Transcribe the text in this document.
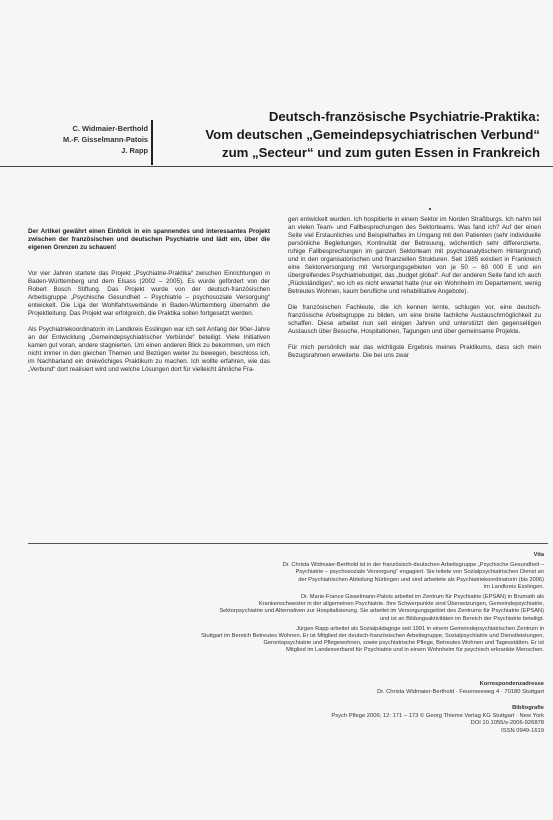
C. Widmaier-Berthold
M.-F. Gisselmann-Patois
J. Rapp
Deutsch-französische Psychiatrie-Praktika:
Vom deutschen „Gemeindepsychiatrischen Verbund“
zum „Secteur“ und zum guten Essen in Frankreich

Der Artikel gewährt einen Einblick in ein spannendes und interessantes Projekt zwischen der französischen und deutschen Psychiatrie und lädt ein, über die eigenen Grenzen zu schauen!

Vor vier Jahren startete das Projekt „Psychiatrie-Praktika“ zwischen Einrichtungen in Baden-Württemberg und dem Elsass (2002 – 2005). Es wurde gefördert von der Robert Bosch Stiftung. Das Projekt wurde von der deutsch-französischen Arbeitsgruppe „Psychische Gesundheit – Psychiatrie – psychosoziale Versorgung“ entwickelt. Die Liga der Wohlfahrtsverbände in Baden-Württemberg übernahm die Projektleitung. Das Projekt war erfolgreich, die Praktika sollen fortgesetzt werden.

Als Psychiatriekoordinatorin im Landkreis Esslingen war ich seit Anfang der 90er-Jahre an der Entwicklung „Gemeindepsychiatrischer Verbünde“ beteiligt. Viele Initiativen kamen gut voran, andere stagnierten. Um einen anderen Blick zu bekommen, um mich nicht immer in den gleichen Themen und Bezügen weiter zu bewegen, beschloss ich, im Nachbarland ein dreiwöchiges Praktikum zu machen. Ich wollte erfahren, wie das „Verbund“ dort realisiert wird und welche Lösungen dort für vielleicht ähnliche Fra-

gen entwickelt wurden. Ich hospitierte in einem Sektor im Norden Straßburgs. Ich nahm teil an vielen Team- und Fallbesprechungen des Sektorteams. Was fand ich? Auf der einen Seite viel Erstaunliches und Beispielhaftes im Umgang mit den Patienten (sehr individuelle persönliche Begleitungen, Kontinuität der Betreuung, wöchentlich sehr differenzierte, ruhige Fallbesprechungen im ganzen Sektorteam mit psychoanalytischem Hintergrund) und in den organisatorischen und finanziellen Strukturen. Seit 1985 existiert in Frankreich eine Sektorversorgung mit Versorgungsgebieten von je 50 – 60 000 E und ein übergreifendes Psychiatriebudget, das „budget global“. Auf der anderen Seite fand ich auch „Rückständiges“, wo ich es nicht erwartet hatte (nur ein Wohnheim im Departement, wenig Betreutes Wohnen, kaum berufliche und rehabilitative Angebote).

Die französischen Fachleute, die ich kennen lernte, schlugen vor, eine deutsch-französische Arbeitsgruppe zu bilden, um eine breite fachliche Austauschmöglichkeit zu schaffen. Diese arbeitet nun seit einigen Jahren und unterstützt den gegenseitigen Austausch über Besuche, Hospitationen, Tagungen und über gemeinsame Projekte.

Für mich persönlich war das wichtigste Ergebnis meines Praktikums, dass sich mein Bezugsrahmen erweiterte. Die bei uns zwar

Vita

Dr. Christa Widmaier-Berthold ist in der französisch-deutschen Arbeitsgruppe „Psychische Gesundheit –
Psychiatrie – psychosoziale Versorgung“ engagiert. Sie leitete von Sozialpsychiatrischen Dienst an
der Psychiatrischen Abteilung Nürtingen und sind arbeitete als Psychiatriekoordinatorin (bis 2006)
im Landkreis Esslingen.

Dr. Marie-France Gisselmann-Patois arbeitet im Zentrum für Psychiatrie (EPSAN) in Brumath als
Krankenschwester in der allgemeinen Psychiatrie. Ihre Schwerpunkte sind Übersetzungen, Gemeindepsychiatrie,
Sektorpsychiatrie und Alternativen zur Hospitalisierung. Sie arbeitet im Versorgungsgebiet des Zentrums für Psychiatrie (EPSAN)
und ist an Bildungsaktivitäten im Bereich der Psychiatrie beteiligt.

Jürgen Rapp arbeitet als Sozialpädagoge seit 1991 in einem Gemeindepsychiatrischen Zentrum in
Stuttgart im Bereich Betreutes Wohnen. Er ist Mitglied der deutsch-französischen Arbeitsgruppe, Sozialpsychiatrie und Dienstleistungen,
Gerontopsychiatrie und Pflegewohnen, sowie psychiatrische Pflege, Betreutes Wohnen und Tagesstätten. Er ist
Mitglied im Landesverband für Psychiatrie und in einem Wohnheim für psychisch erkrankte Menschen.

Korrespondenzadresse
Dr. Christa Widmaier-Berthold · Feuerseeweg 4 · 70180 Stuttgart
Bibliografie
Psych Pflege 2006; 12: 171 – 173 © Georg Thieme Verlag KG Stuttgart · New York
DOI 10.1055/s-2006-926878
ISSN 0949-1619
